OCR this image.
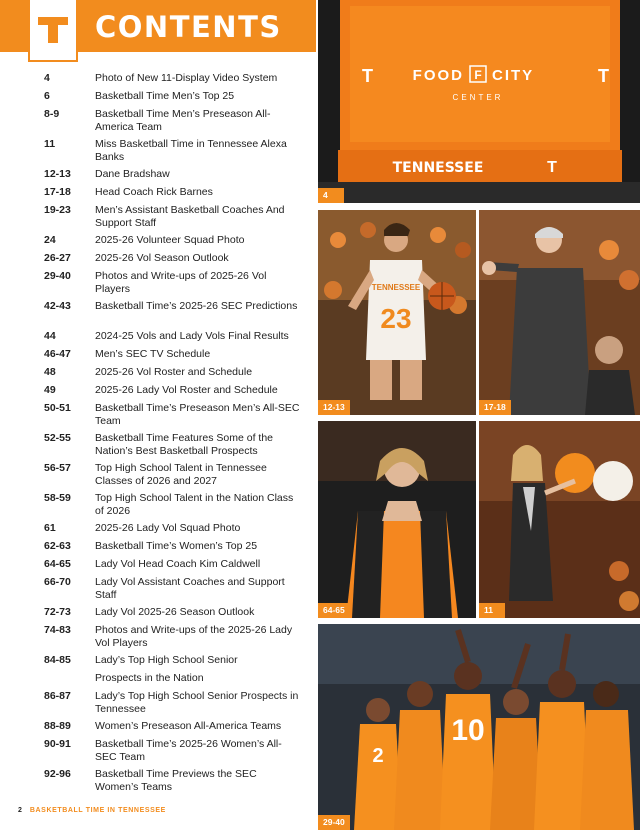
CONTENTS
4	Photo of New 11-Display Video System
6	Basketball Time Men’s Top 25
8-9	Basketball Time Men’s Preseason All-America Team
11	Miss Basketball Time in Tennessee Alexa Banks
12-13	Dane Bradshaw
17-18	Head Coach Rick Barnes
19-23	Men’s Assistant Basketball Coaches And Support Staff
24	2025-26 Volunteer Squad Photo
26-27	2025-26 Vol Season Outlook
29-40	Photos and Write-ups of 2025-26 Vol Players
42-43	Basketball Time’s 2025-26 SEC Predictions
44	2024-25 Vols and Lady Vols Final Results
46-47	Men’s SEC TV Schedule
48	2025-26 Vol Roster and Schedule
49	2025-26 Lady Vol Roster and Schedule
50-51	Basketball Time’s Preseason Men’s All-SEC Team
52-55	Basketball Time Features Some of the Nation’s Best Basketball Prospects
56-57	Top High School Talent in Tennessee Classes of 2026 and 2027
58-59	Top High School Talent in the Nation Class of 2026
61	2025-26 Lady Vol Squad Photo
62-63	Basketball Time’s Women’s Top 25
64-65	Lady Vol Head Coach Kim Caldwell
66-70	Lady Vol Assistant Coaches and Support Staff
72-73	Lady Vol 2025-26 Season Outlook
74-83	Photos and Write-ups of the 2025-26 Lady Vol Players
84-85	Lady’s Top High School Senior
Prospects in the Nation
86-87	Lady’s Top High School Senior Prospects in Tennessee
88-89	Women’s Preseason All-America Teams
90-91	Basketball Time’s 2025-26 Women’s All-SEC Team
92-96	Basketball Time Previews the SEC Women’s Teams
2 BASKETBALL TIME IN TENNESSEE
T	T
FOOD F CITY
CENTER
TENNESSEE	T
4
TENNESSEE
23
12-13	17-18
64-65	11
2
10
29-40
